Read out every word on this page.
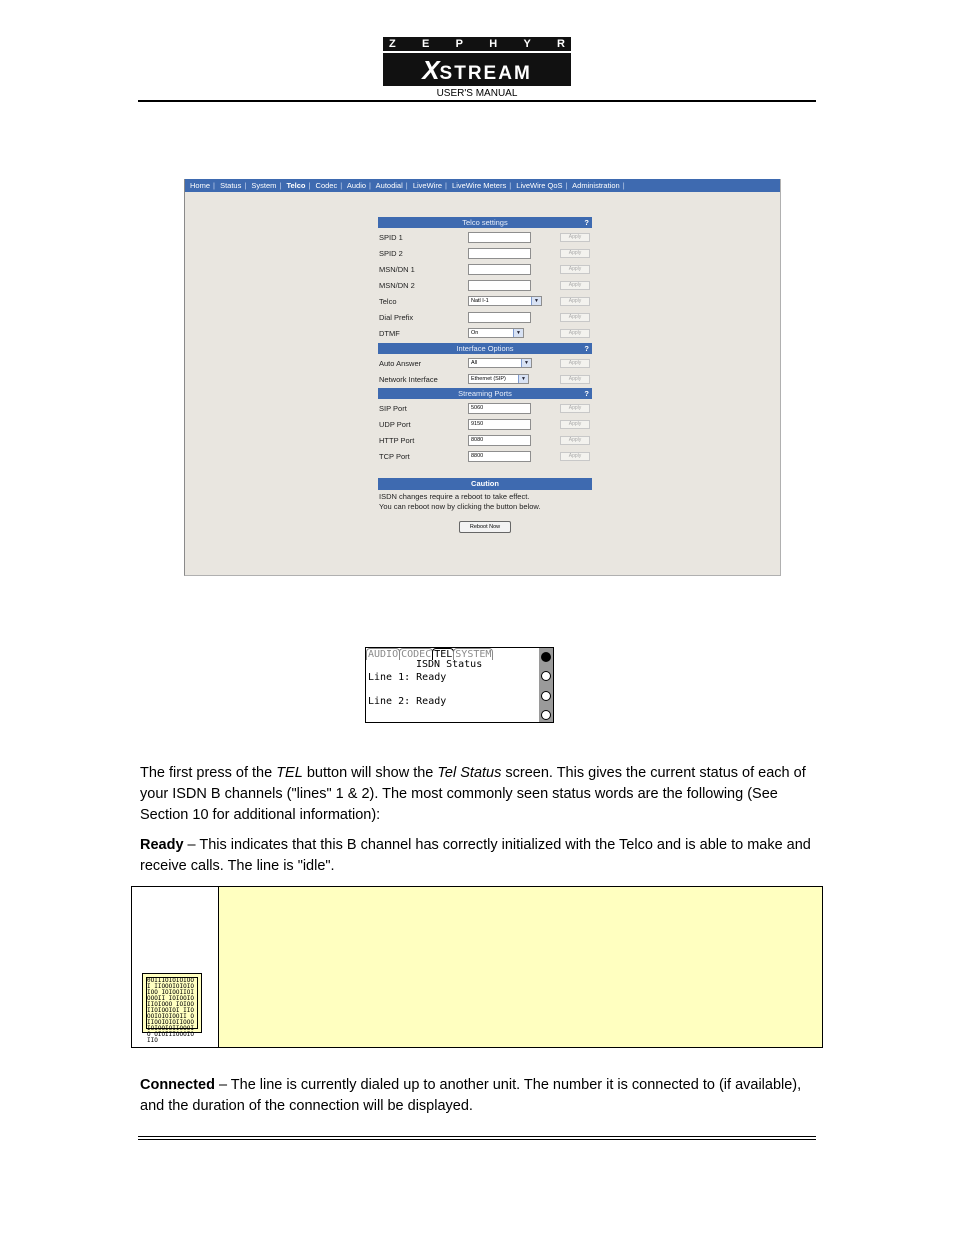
Z E P H Y R
XSTREAM
USER'S MANUAL
Home | Status | System | Telco | Codec | Audio | Autodial | LiveWire | LiveWire Meters | LiveWire QoS | Administration |
Telco settings	?
SPID 1	Apply
SPID 2	Apply
MSN/DN 1	Apply
MSN/DN 2	Apply
Telco	Natl I-1	▼	Apply
Dial Prefix	Apply
DTMF	On	▼	Apply
Interface Options	?
Auto Answer	All	▼	Apply
Network Interface	Ethernet (SIP)	▼	Apply
Streaming Ports	?
SIP Port	5060	Apply
UDP Port	9150	Apply
HTTP Port	8080	Apply
TCP Port	8800	Apply
Caution
ISDN changes require a reboot to take effect.
You can reboot now by clicking the button below.
Reboot Now
AUDIO CODEC TEL SYSTEM
ISDN Status
Line 1: Ready
Line 2: Ready
The first press of the TEL button will show the Tel Status screen. This gives the current status of each of your ISDN B channels ("lines" 1 & 2). The most commonly seen status words are the following (See Section 10 for additional information):
Ready – This indicates that this B channel has correctly initialized with the Telco and is able to make and receive calls. The line is "idle".
0OIIIOIOIOIOOI IIOOOIOIOIOIOO IOIOOIIOIOOOII IOIOOIOIIOIOOO IOIOOIIOIOOIOI IIOOOIOIOIOOII OIIOOIOIOIIOOO IOIOOIOIIOOOIO OIOIIIOOOIOIIO
Connected – The line is currently dialed up to another unit. The number it is connected to (if available), and the duration of the connection will be displayed.
